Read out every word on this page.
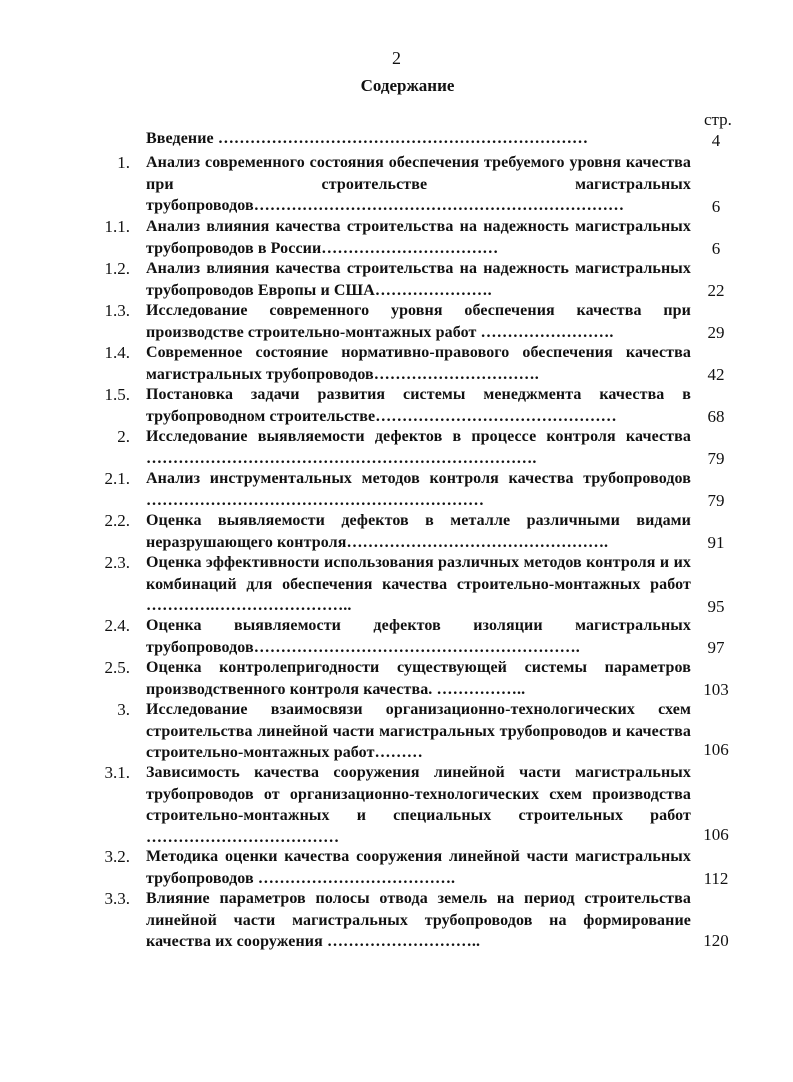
2
Содержание
стр.
Введение ……………………………………………………………	4
1. Анализ современного состояния обеспечения требуемого уровня качества при строительстве магистральных трубопроводов……………………………………………………………	6
1.1. Анализ влияния качества строительства на надежность магистральных трубопроводов в России……………………………	6
1.2. Анализ влияния качества строительства на надежность магистральных трубопроводов Европы и США………………….	22
1.3. Исследование современного уровня обеспечения качества при производстве строительно-монтажных работ …………………….	29
1.4. Современное состояние нормативно-правового обеспечения качества магистральных трубопроводов………………………….	42
1.5. Постановка задачи развития системы менеджмента качества в трубопроводном строительстве………………………………………	68
2. Исследование выявляемости дефектов в процессе контроля качества ……………………………………………………………….	79
2.1. Анализ инструментальных методов контроля качества трубопроводов ………………………………………………………	79
2.2. Оценка выявляемости дефектов в металле различными видами неразрушающего контроля………………………………………….	91
2.3. Оценка эффективности использования различных методов контроля и их комбинаций для обеспечения качества строительно-монтажных работ ………….……………………..	95
2.4. Оценка выявляемости дефектов изоляции магистральных трубопроводов…………………………………………………….	97
2.5. Оценка контролепригодности существующей системы параметров производственного контроля качества. ……………..	103
3. Исследование взаимосвязи организационно-технологических схем строительства линейной части магистральных трубопроводов и качества строительно-монтажных работ………	106
3.1. Зависимость качества сооружения линейной части магистральных трубопроводов от организационно-технологических схем производства строительно-монтажных и специальных строительных работ ………………………………	106
3.2. Методика оценки качества сооружения линейной части магистральных трубопроводов ……………………………….	112
3.3. Влияние параметров полосы отвода земель на период строительства линейной части магистральных трубопроводов на формирование качества их сооружения ………………………..	120
